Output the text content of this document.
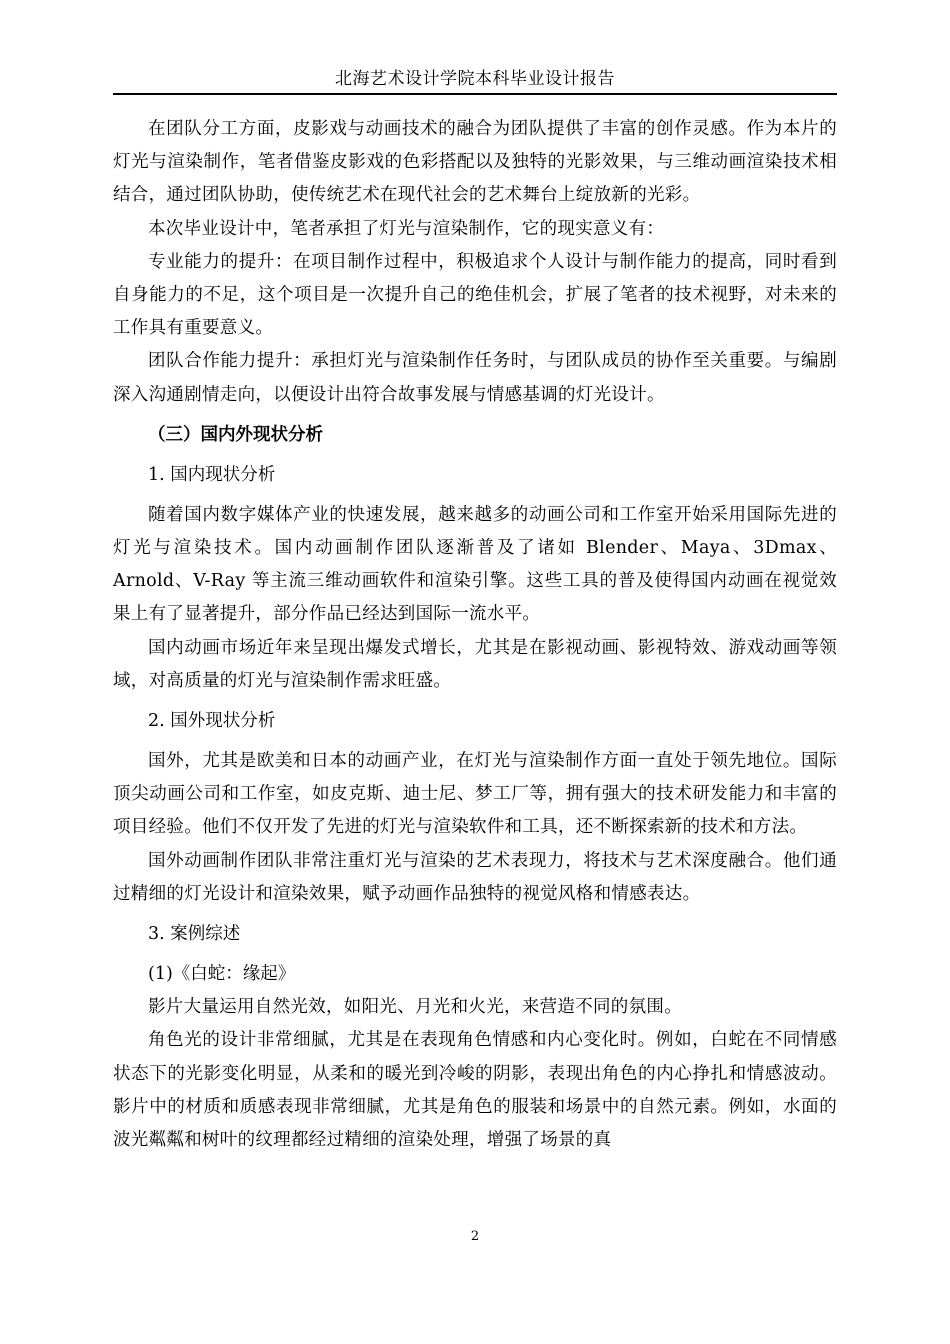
北海艺术设计学院本科毕业设计报告

在团队分工方面，皮影戏与动画技术的融合为团队提供了丰富的创作灵感。作为本片的灯光与渲染制作，笔者借鉴皮影戏的色彩搭配以及独特的光影效果，与三维动画渲染技术相结合，通过团队协助，使传统艺术在现代社会的艺术舞台上绽放新的光彩。

本次毕业设计中，笔者承担了灯光与渲染制作，它的现实意义有：

专业能力的提升：在项目制作过程中，积极追求个人设计与制作能力的提高，同时看到自身能力的不足，这个项目是一次提升自己的绝佳机会，扩展了笔者的技术视野，对未来的工作具有重要意义。

团队合作能力提升：承担灯光与渲染制作任务时，与团队成员的协作至关重要。与编剧深入沟通剧情走向，以便设计出符合故事发展与情感基调的灯光设计。

（三）国内外现状分析
1. 国内现状分析

随着国内数字媒体产业的快速发展，越来越多的动画公司和工作室开始采用国际先进的灯光与渲染技术。国内动画制作团队逐渐普及了诸如 Blender、Maya、3Dmax、Arnold、V-Ray 等主流三维动画软件和渲染引擎。这些工具的普及使得国内动画在视觉效果上有了显著提升，部分作品已经达到国际一流水平。

国内动画市场近年来呈现出爆发式增长，尤其是在影视动画、影视特效、游戏动画等领域，对高质量的灯光与渲染制作需求旺盛。

2. 国外现状分析

国外，尤其是欧美和日本的动画产业，在灯光与渲染制作方面一直处于领先地位。国际顶尖动画公司和工作室，如皮克斯、迪士尼、梦工厂等，拥有强大的技术研发能力和丰富的项目经验。他们不仅开发了先进的灯光与渲染软件和工具，还不断探索新的技术和方法。

国外动画制作团队非常注重灯光与渲染的艺术表现力，将技术与艺术深度融合。他们通过精细的灯光设计和渲染效果，赋予动画作品独特的视觉风格和情感表达。

3. 案例综述
(1)《白蛇：缘起》

影片大量运用自然光效，如阳光、月光和火光，来营造不同的氛围。

角色光的设计非常细腻，尤其是在表现角色情感和内心变化时。例如，白蛇在不同情感状态下的光影变化明显，从柔和的暖光到冷峻的阴影，表现出角色的内心挣扎和情感波动。影片中的材质和质感表现非常细腻，尤其是角色的服装和场景中的自然元素。例如，水面的波光粼粼和树叶的纹理都经过精细的渲染处理，增强了场景的真

2
